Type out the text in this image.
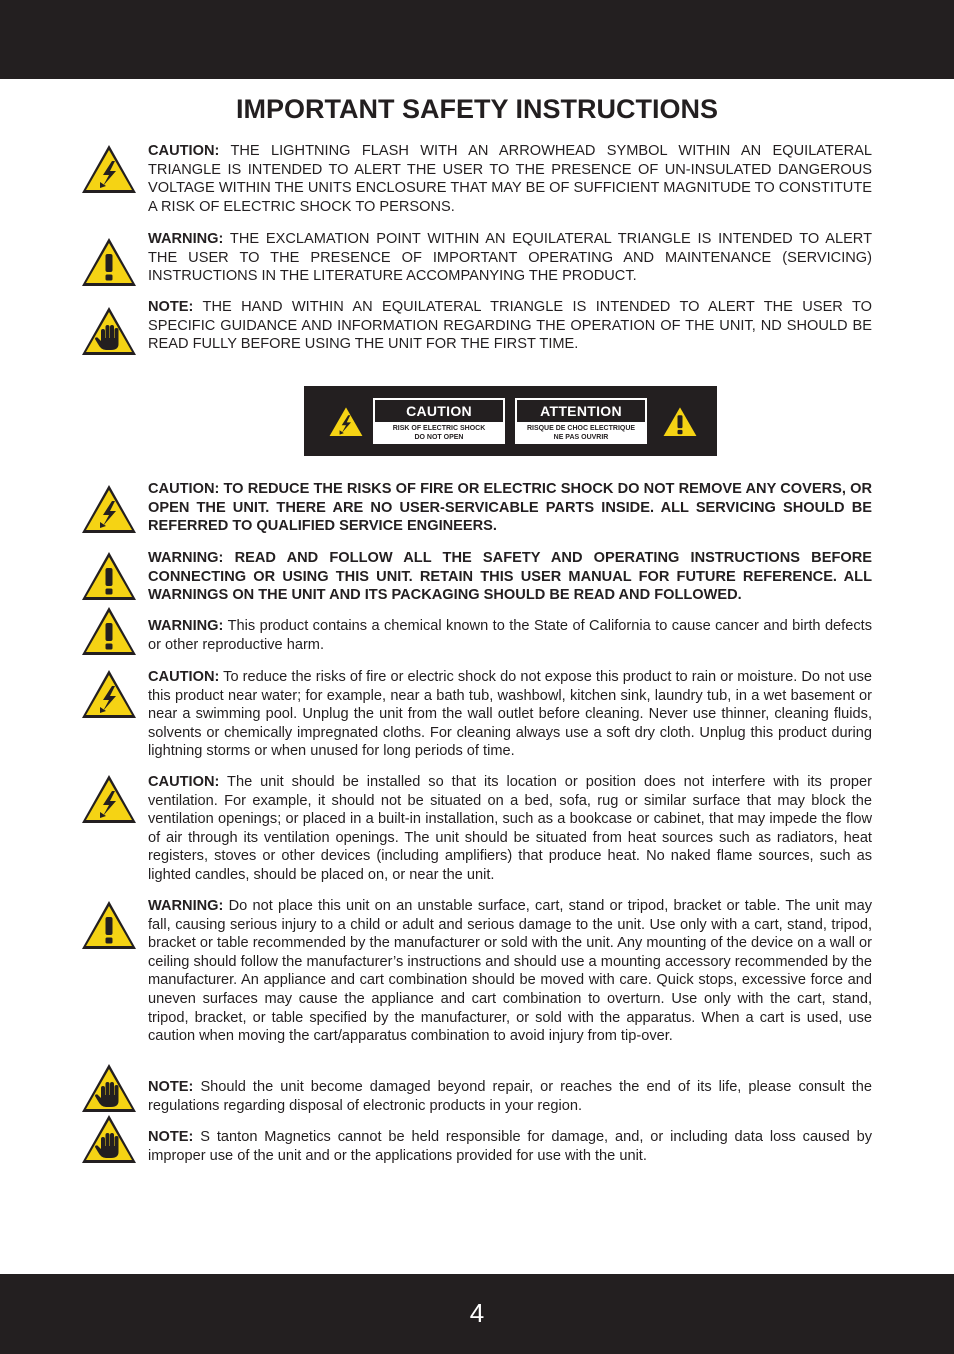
IMPORTANT SAFETY INSTRUCTIONS

CAUTION: THE LIGHTNING FLASH WITH AN ARROWHEAD SYMBOL WITHIN AN EQUILATERAL TRIANGLE IS INTENDED TO ALERT THE USER TO THE PRESENCE OF UN-INSULATED DANGEROUS VOLTAGE WITHIN THE UNITS ENCLOSURE THAT MAY BE OF SUFFICIENT MAGNITUDE TO CONSTITUTE A RISK OF ELECTRIC SHOCK TO PERSONS.

WARNING: THE EXCLAMATION POINT WITHIN AN EQUILATERAL TRIANGLE IS INTENDED TO ALERT THE USER TO THE PRESENCE OF IMPORTANT OPERATING AND MAINTENANCE (SERVICING) INSTRUCTIONS IN THE LITERATURE ACCOMPANYING THE PRODUCT.

NOTE: THE HAND WITHIN AN EQUILATERAL TRIANGLE IS INTENDED TO ALERT THE USER TO SPECIFIC GUIDANCE AND INFORMATION REGARDING THE OPERATION OF THE UNIT, ND SHOULD BE READ FULLY BEFORE USING THE UNIT FOR THE FIRST TIME.

CAUTION
RISK OF ELECTRIC SHOCK
DO NOT OPEN
ATTENTION
RISQUE DE CHOC ELECTRIQUE
NE PAS OUVRIR

CAUTION: TO REDUCE THE RISKS OF FIRE OR ELECTRIC SHOCK DO NOT REMOVE ANY COVERS, OR OPEN THE UNIT. THERE ARE NO USER-SERVICABLE PARTS INSIDE. ALL SERVICING SHOULD BE REFERRED TO QUALIFIED SERVICE ENGINEERS.

WARNING: READ AND FOLLOW ALL THE SAFETY AND OPERATING INSTRUCTIONS BEFORE CONNECTING OR USING THIS UNIT. RETAIN THIS USER MANUAL FOR FUTURE REFERENCE. ALL WARNINGS ON THE UNIT AND ITS PACKAGING SHOULD BE READ AND FOLLOWED.

WARNING: This product contains a chemical known to the State of California to cause cancer and birth defects or other reproductive harm.

CAUTION: To reduce the risks of fire or electric shock do not expose this product to rain or moisture. Do not use this product near water; for example, near a bath tub, washbowl, kitchen sink, laundry tub, in a wet basement or near a swimming pool. Unplug the unit from the wall outlet before cleaning. Never use thinner, cleaning fluids, solvents or chemically impregnated cloths. For cleaning always use a soft dry cloth. Unplug this product during lightning storms or when unused for long periods of time.

CAUTION: The unit should be installed so that its location or position does not interfere with its proper ventilation. For example, it should not be situated on a bed, sofa, rug or similar surface that may block the ventilation openings; or placed in a built-in installation, such as a bookcase or cabinet, that may impede the flow of air through its ventilation openings. The unit should be situated from heat sources such as radiators, heat registers, stoves or other devices (including amplifiers) that produce heat. No naked flame sources, such as lighted candles, should be placed on, or near the unit.

WARNING: Do not place this unit on an unstable surface, cart, stand or tripod, bracket or table. The unit may fall, causing serious injury to a child or adult and serious damage to the unit. Use only with a cart, stand, tripod, bracket or table recommended by the manufacturer or sold with the unit. Any mounting of the device on a wall or ceiling should follow the manufacturer’s instructions and should use a mounting accessory recommended by the manufacturer. An appliance and cart combination should be moved with care. Quick stops, excessive force and uneven surfaces may cause the appliance and cart combination to overturn. Use only with the cart, stand, tripod, bracket, or table specified by the manufacturer, or sold with the apparatus. When a cart is used, use caution when moving the cart/apparatus combination to avoid injury from tip-over.

NOTE: Should the unit become damaged beyond repair, or reaches the end of its life, please consult the regulations regarding disposal of electronic products in your region.

NOTE: S tanton Magnetics cannot be held responsible for damage, and, or including data loss caused by improper use of the unit and or the applications provided for use with the unit.

4
